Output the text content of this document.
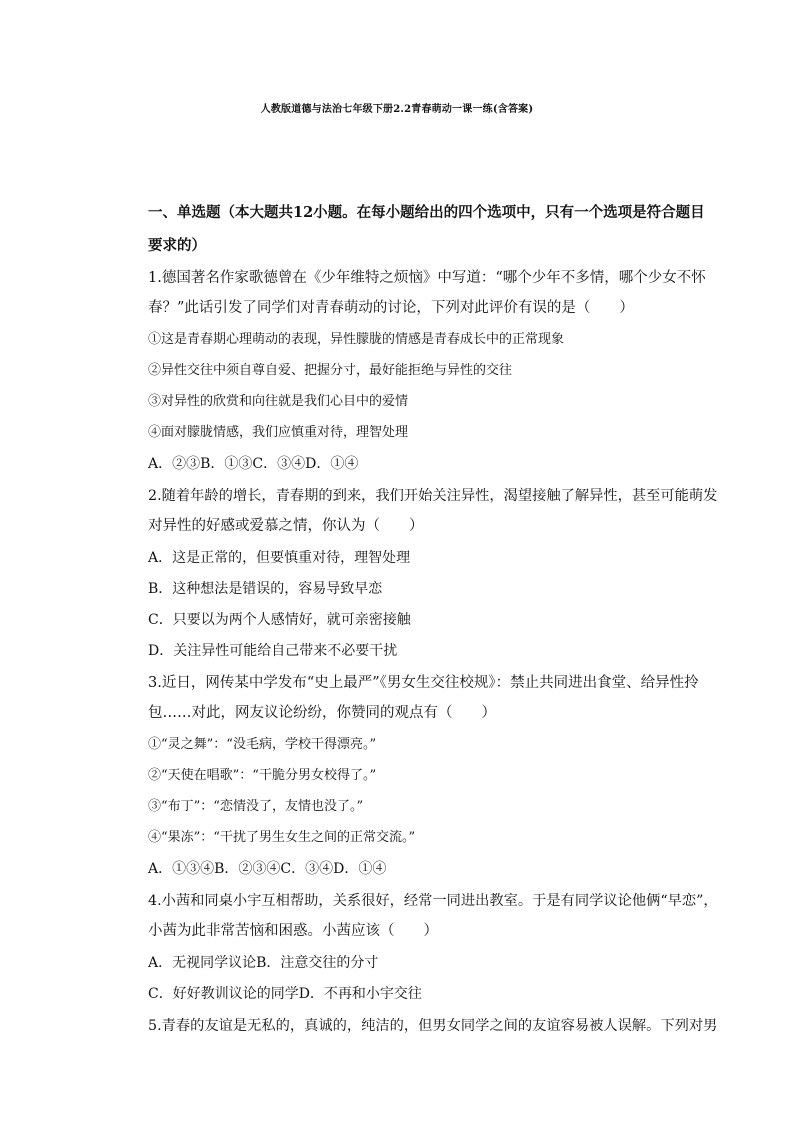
人教版道德与法治七年级下册2.2青春萌动一课一练(含答案)
一、单选题（本大题共12小题。在每小题给出的四个选项中，只有一个选项是符合题目
要求的）
1.德国著名作家歌德曾在《少年维特之烦恼》中写道：“哪个少年不多情，哪个少女不怀
春？”此话引发了同学们对青春萌动的讨论，下列对此评价有误的是（　　）
①这是青春期心理萌动的表现，异性朦胧的情感是青春成长中的正常现象
②异性交往中须自尊自爱、把握分寸，最好能拒绝与异性的交往
③对异性的欣赏和向往就是我们心目中的爱情
④面对朦胧情感，我们应慎重对待，理智处理
A．②③B．①③C．③④D．①④
2.随着年龄的增长，青春期的到来，我们开始关注异性，渴望接触了解异性，甚至可能萌发
对异性的好感或爱慕之情，你认为（　　）
A．这是正常的，但要慎重对待，理智处理
B．这种想法是错误的，容易导致早恋
C．只要以为两个人感情好，就可亲密接触
D．关注异性可能给自己带来不必要干扰
3.近日，网传某中学发布“史上最严”《男女生交往校规》：禁止共同进出食堂、给异性拎
包……对此，网友议论纷纷，你赞同的观点有（　　）
①“灵之舞”：“没毛病，学校干得漂亮。”
②“天使在唱歌”：“干脆分男女校得了。”
③“布丁”：“恋情没了，友情也没了。”
④“果冻”：“干扰了男生女生之间的正常交流。”
A．①③④B．②③④C．③④D．①④
4.小茜和同桌小宇互相帮助，关系很好，经常一同进出教室。于是有同学议论他俩“早恋”，
小茜为此非常苦恼和困惑。小茜应该（　　）
A．无视同学议论B．注意交往的分寸
C．好好教训议论的同学D．不再和小宇交往
5.青春的友谊是无私的，真诚的，纯洁的，但男女同学之间的友谊容易被人误解。下列对男
